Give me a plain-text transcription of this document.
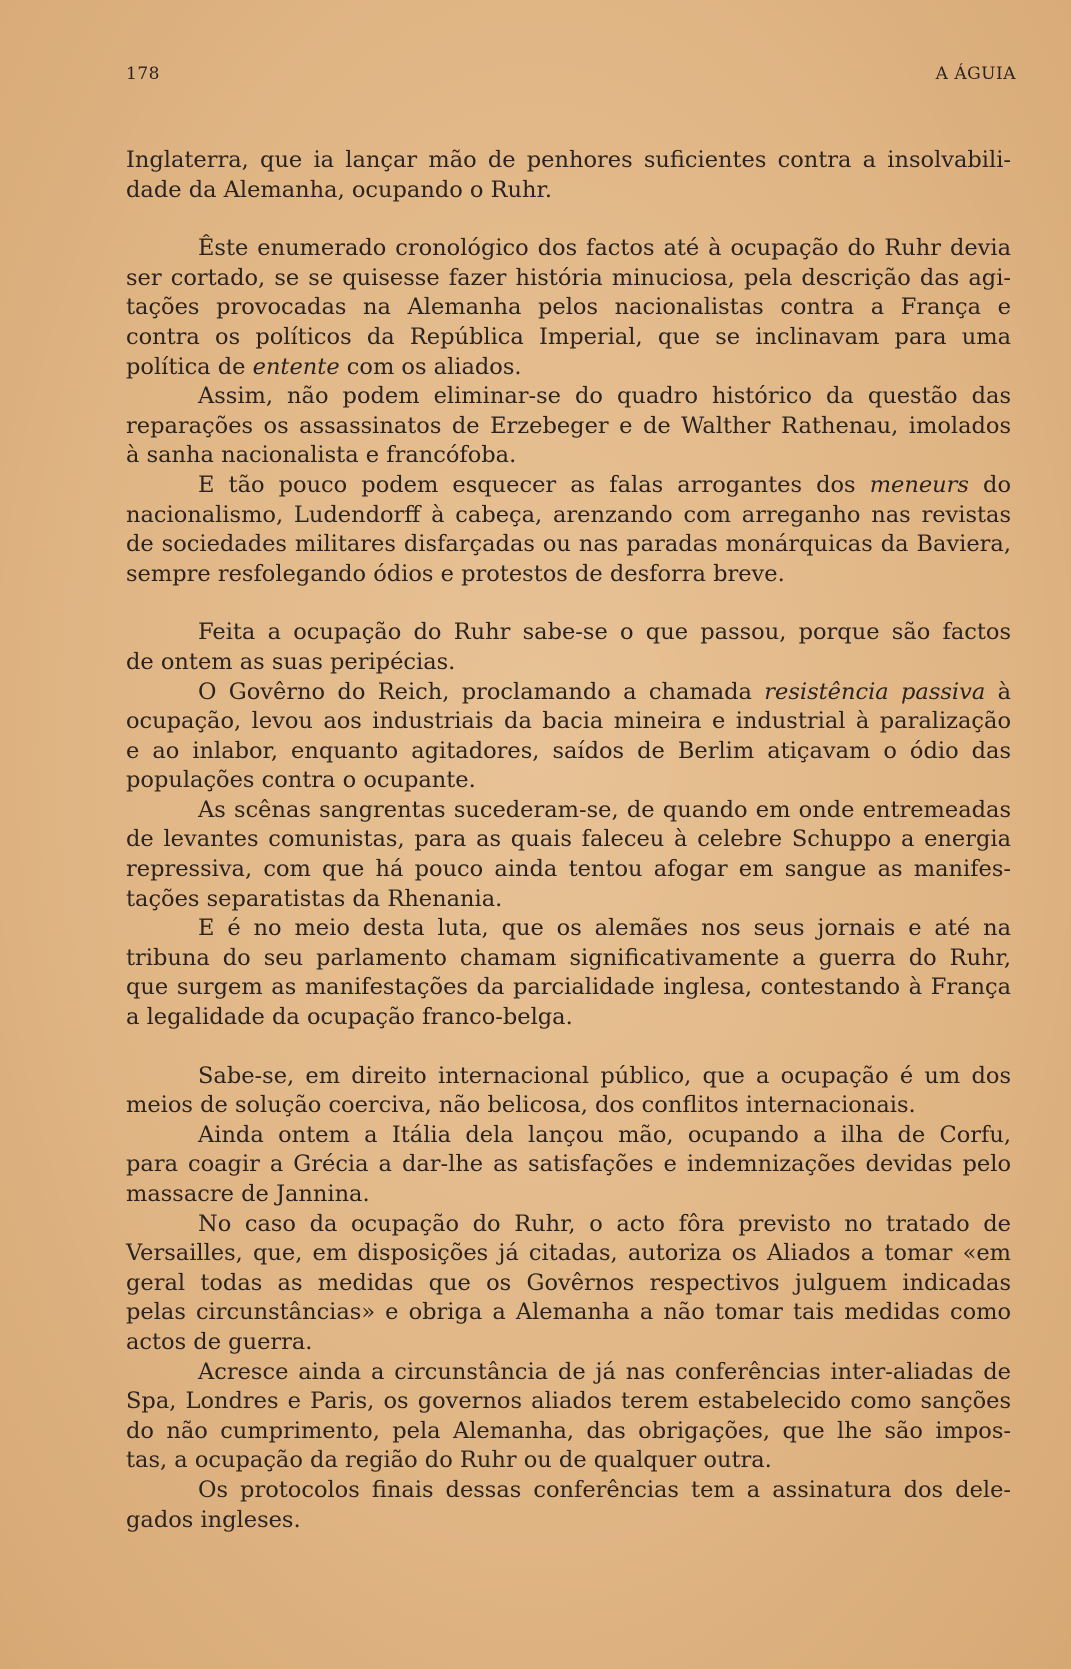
178	A ÁGUIA

Inglaterra, que ia lançar mão de penhores suficientes contra a insolvabili-
dade da Alemanha, ocupando o Ruhr.

Êste enumerado cronológico dos factos até à ocupação do Ruhr devia
ser cortado, se se quisesse fazer história minuciosa, pela descrição das agi-
tações provocadas na Alemanha pelos nacionalistas contra a França e
contra os políticos da República Imperial, que se inclinavam para uma
política de entente com os aliados.

Assim, não podem eliminar-se do quadro histórico da questão das
reparações os assassinatos de Erzebeger e de Walther Rathenau, imolados
à sanha nacionalista e francófoba.

E tão pouco podem esquecer as falas arrogantes dos meneurs do
nacionalismo, Ludendorff à cabeça, arenzando com arreganho nas revistas
de sociedades militares disfarçadas ou nas paradas monárquicas da Baviera,
sempre resfolegando ódios e protestos de desforra breve.

Feita a ocupação do Ruhr sabe-se o que passou, porque são factos
de ontem as suas peripécias.

O Govêrno do Reich, proclamando a chamada resistência passiva à
ocupação, levou aos industriais da bacia mineira e industrial à paralização
e ao inlabor, enquanto agitadores, saídos de Berlim atiçavam o ódio das
populações contra o ocupante.

As scênas sangrentas sucederam-se, de quando em onde entremeadas
de levantes comunistas, para as quais faleceu à celebre Schuppo a energia
repressiva, com que há pouco ainda tentou afogar em sangue as manifes-
tações separatistas da Rhenania.

E é no meio desta luta, que os alemães nos seus jornais e até na
tribuna do seu parlamento chamam significativamente a guerra do Ruhr,
que surgem as manifestações da parcialidade inglesa, contestando à França
a legalidade da ocupação franco-belga.

Sabe-se, em direito internacional público, que a ocupação é um dos
meios de solução coercivа, não belicosa, dos conflitos internacionais.

Ainda ontem a Itália dela lançou mão, ocupando a ilha de Corfu,
para coagir a Grécia a dar-lhe as satisfações e indemnizações devidas pelo
massacre de Jannina.

No caso da ocupação do Ruhr, o acto fôra previsto no tratado de
Versailles, que, em disposições já citadas, autoriza os Aliados a tomar «em
geral todas as medidas que os Govêrnos respectivos julguem indicadas
pelas circunstâncias» e obriga a Alemanha a não tomar tais medidas como
actos de guerra.

Acresce ainda a circunstância de já nas conferências inter-aliadas de
Spa, Londres e Paris, os governos aliados terem estabelecido como sanções
do não cumprimento, pela Alemanha, das obrigações, que lhe são impos-
tas, a ocupação da região do Ruhr ou de qualquer outra.

Os protocolos finais dessas conferências tem a assinatura dos dele-
gados ingleses.
